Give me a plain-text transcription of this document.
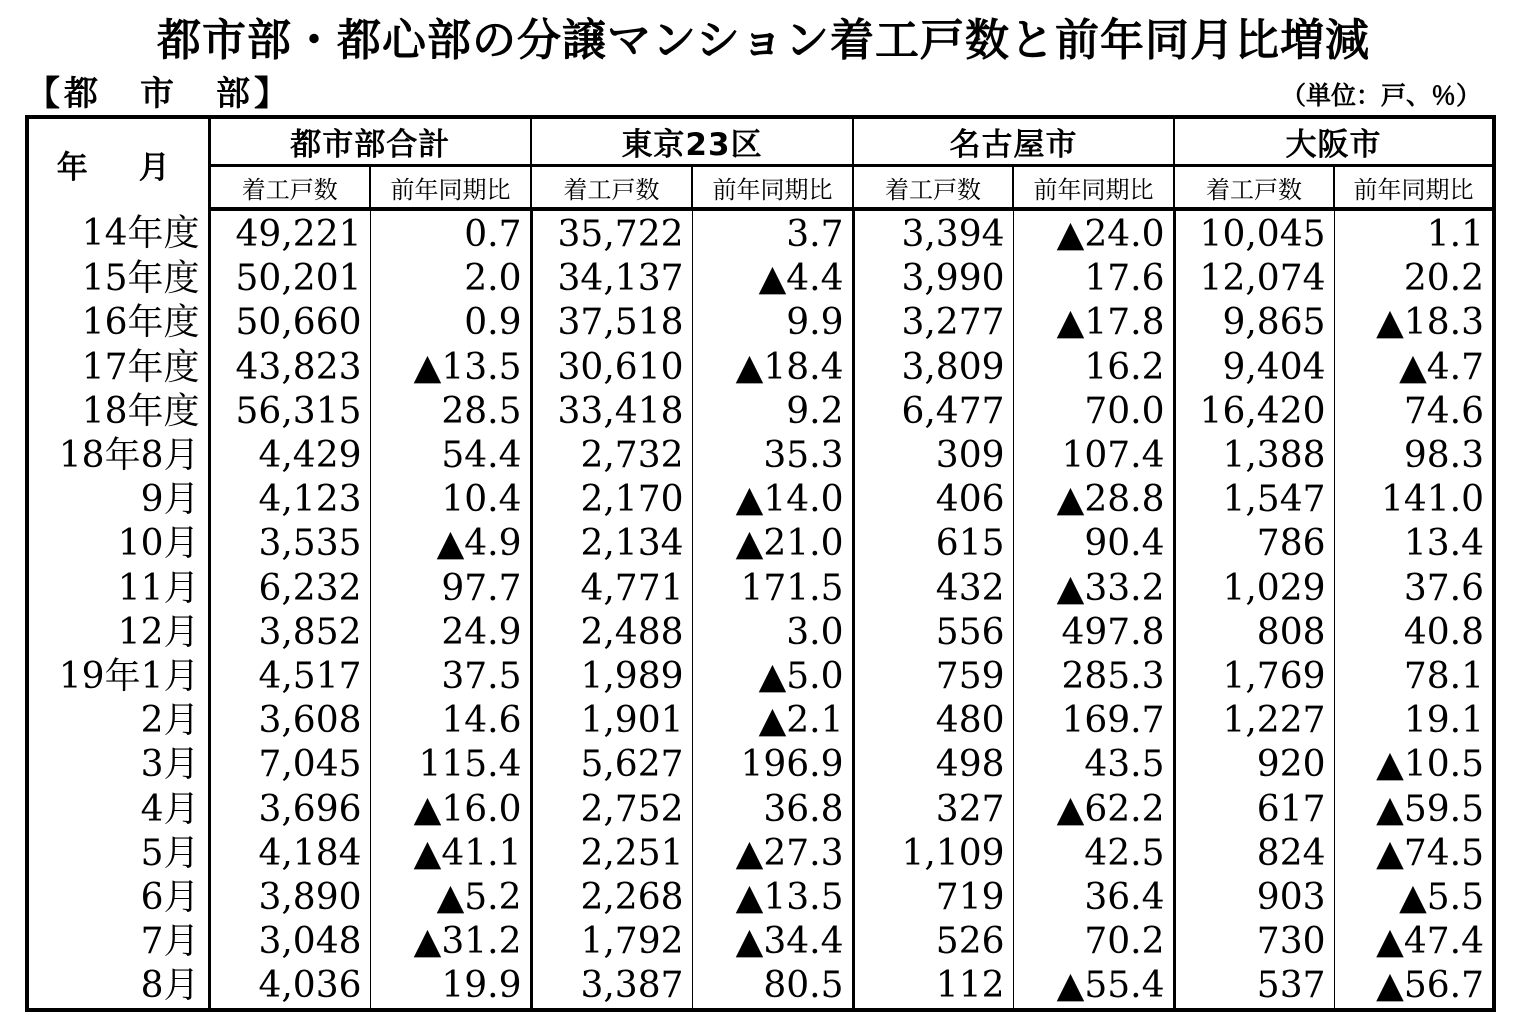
都市部・都心部の分譲マンション着工戸数と前年同月比増減
【都　市　部】	（単位：戸、％）
年　月	都市部合計		東京23区		名古屋市		大阪市	
	着工戸数	前年同期比	着工戸数	前年同期比	着工戸数	前年同期比	着工戸数	前年同期比
14年度	49,221	0.7	35,722	3.7	3,394	▲24.0	10,045	1.1
15年度	50,201	2.0	34,137	▲4.4	3,990	17.6	12,074	20.2
16年度	50,660	0.9	37,518	9.9	3,277	▲17.8	9,865	▲18.3
17年度	43,823	▲13.5	30,610	▲18.4	3,809	16.2	9,404	▲4.7
18年度	56,315	28.5	33,418	9.2	6,477	70.0	16,420	74.6
18年8月	4,429	54.4	2,732	35.3	309	107.4	1,388	98.3
9月	4,123	10.4	2,170	▲14.0	406	▲28.8	1,547	141.0
10月	3,535	▲4.9	2,134	▲21.0	615	90.4	786	13.4
11月	6,232	97.7	4,771	171.5	432	▲33.2	1,029	37.6
12月	3,852	24.9	2,488	3.0	556	497.8	808	40.8
19年1月	4,517	37.5	1,989	▲5.0	759	285.3	1,769	78.1
2月	3,608	14.6	1,901	▲2.1	480	169.7	1,227	19.1
3月	7,045	115.4	5,627	196.9	498	43.5	920	▲10.5
4月	3,696	▲16.0	2,752	36.8	327	▲62.2	617	▲59.5
5月	4,184	▲41.1	2,251	▲27.3	1,109	42.5	824	▲74.5
6月	3,890	▲5.2	2,268	▲13.5	719	36.4	903	▲5.5
7月	3,048	▲31.2	1,792	▲34.4	526	70.2	730	▲47.4
8月	4,036	19.9	3,387	80.5	112	▲55.4	537	▲56.7
